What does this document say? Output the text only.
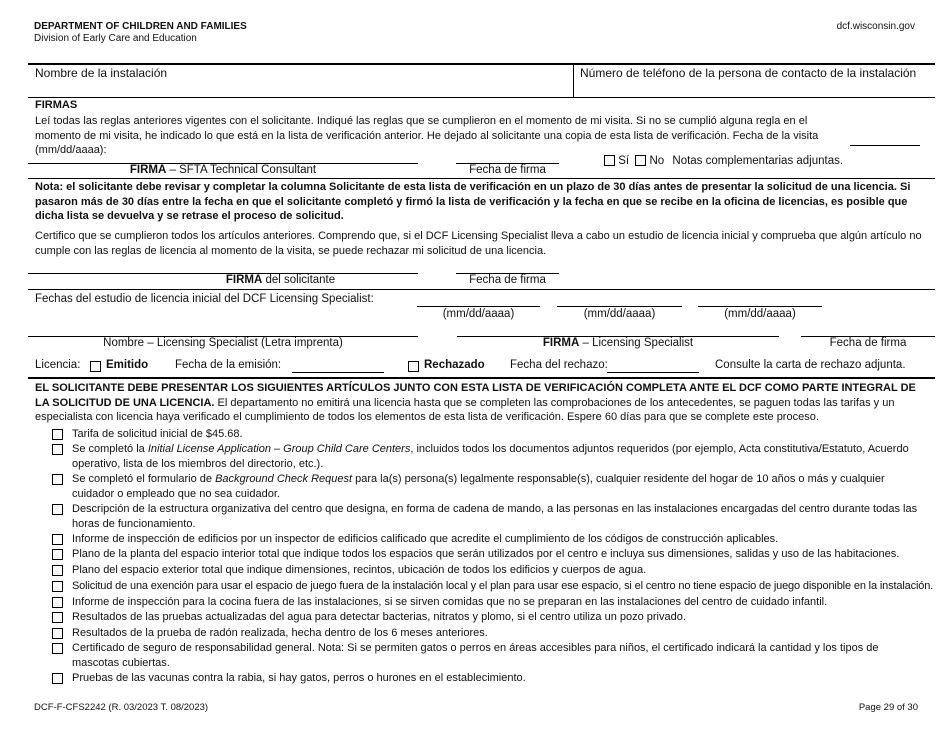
DEPARTMENT OF CHILDREN AND FAMILIES
Division of Early Care and Education
dcf.wisconsin.gov
Nombre de la instalación	Número de teléfono de la persona de contacto de la instalación
FIRMAS
Leí todas las reglas anteriores vigentes con el solicitante. Indiqué las reglas que se cumplieron en el momento de mi visita. Si no se cumplió alguna regla en el momento de mi visita, he indicado lo que está en la lista de verificación anterior. He dejado al solicitante una copia de esta lista de verificación. Fecha de la visita (mm/dd/aaaa):
FIRMA – SFTA Technical Consultant	Fecha de firma
Sí No Notas complementarias adjuntas.
Nota: el solicitante debe revisar y completar la columna Solicitante de esta lista de verificación en un plazo de 30 días antes de presentar la solicitud de una licencia. Si pasaron más de 30 días entre la fecha en que el solicitante completó y firmó la lista de verificación y la fecha en que se recibe en la oficina de licencias, es posible que dicha lista se devuelva y se retrase el proceso de solicitud.
Certifico que se cumplieron todos los artículos anteriores. Comprendo que, si el DCF Licensing Specialist lleva a cabo un estudio de licencia inicial y comprueba que algún artículo no cumple con las reglas de licencia al momento de la visita, se puede rechazar mi solicitud de una licencia.
FIRMA del solicitante	Fecha de firma
Fechas del estudio de licencia inicial del DCF Licensing Specialist:
(mm/dd/aaaa)	(mm/dd/aaaa)	(mm/dd/aaaa)
Nombre – Licensing Specialist (Letra imprenta)	FIRMA – Licensing Specialist	Fecha de firma
Licencia: Emitido Fecha de la emisión:	Rechazado Fecha del rechazo:	Consulte la carta de rechazo adjunta.
EL SOLICITANTE DEBE PRESENTAR LOS SIGUIENTES ARTÍCULOS JUNTO CON ESTA LISTA DE VERIFICACIÓN COMPLETA ANTE EL DCF COMO PARTE INTEGRAL DE LA SOLICITUD DE UNA LICENCIA. El departamento no emitirá una licencia hasta que se completen las comprobaciones de los antecedentes, se paguen todas las tarifas y un especialista con licencia haya verificado el cumplimiento de todos los elementos de esta lista de verificación. Espere 60 días para que se complete este proceso.
Tarifa de solicitud inicial de $45.68.
Se completó la Initial License Application – Group Child Care Centers, incluidos todos los documentos adjuntos requeridos (por ejemplo, Acta constitutiva/Estatuto, Acuerdo operativo, lista de los miembros del directorio, etc.).
Se completó el formulario de Background Check Request para la(s) persona(s) legalmente responsable(s), cualquier residente del hogar de 10 años o más y cualquier cuidador o empleado que no sea cuidador.
Descripción de la estructura organizativa del centro que designa, en forma de cadena de mando, a las personas en las instalaciones encargadas del centro durante todas las horas de funcionamiento.
Informe de inspección de edificios por un inspector de edificios calificado que acredite el cumplimiento de los códigos de construcción aplicables.
Plano de la planta del espacio interior total que indique todos los espacios que serán utilizados por el centro e incluya sus dimensiones, salidas y uso de las habitaciones.
Plano del espacio exterior total que indique dimensiones, recintos, ubicación de todos los edificios y cuerpos de agua.
Solicitud de una exención para usar el espacio de juego fuera de la instalación local y el plan para usar ese espacio, si el centro no tiene espacio de juego disponible en la instalación.
Informe de inspección para la cocina fuera de las instalaciones, si se sirven comidas que no se preparan en las instalaciones del centro de cuidado infantil.
Resultados de las pruebas actualizadas del agua para detectar bacterias, nitratos y plomo, si el centro utiliza un pozo privado.
Resultados de la prueba de radón realizada, hecha dentro de los 6 meses anteriores.
Certificado de seguro de responsabilidad general. Nota: Si se permiten gatos o perros en áreas accesibles para niños, el certificado indicará la cantidad y los tipos de mascotas cubiertas.
Pruebas de las vacunas contra la rabia, si hay gatos, perros o hurones en el establecimiento.
DCF-F-CFS2242 (R. 03/2023 T. 08/2023)	Page 29 of 30
